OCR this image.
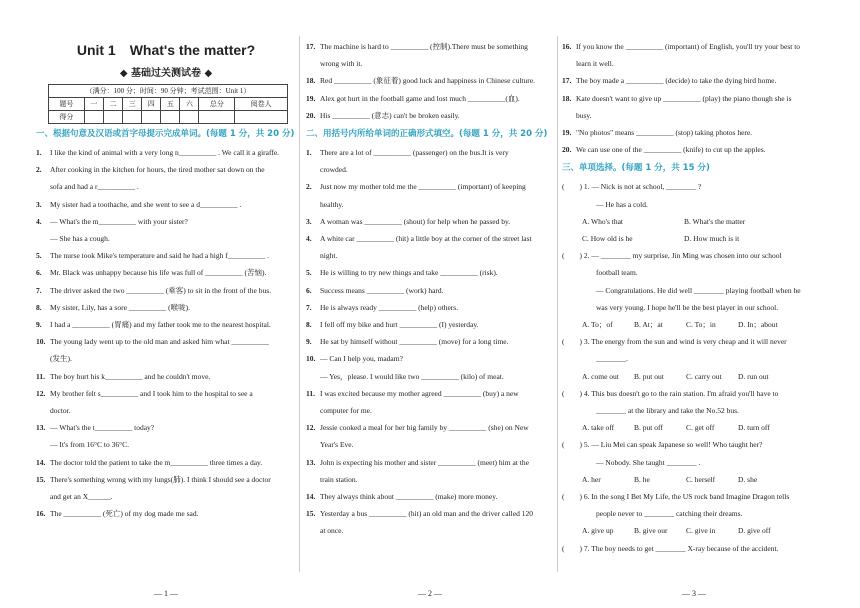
Unit 1　What's the matter?
◆ 基础过关测试卷 ◆
（满分：100 分；时间：90 分钟；考试范围：Unit 1）								
题号	一	二	三	四	五	六	总分	阅卷人
得分								
一、根据句意及汉语或首字母提示完成单词。(每题 1 分，共 20 分)
1.	I like the kind of animal with a very long n__________ . We call it a giraffe.
2.	After cooking in the kitchen for hours, the tired mother sat down on the
sofa and had a r__________ .
3.	My sister had a toothache, and she went to see a d__________ .
4.	— What's the m__________ with your sister?
— She has a cough.
5.	The nurse took Mike's temperature and said he had a high f__________ .
6.	Mr. Black was unhappy because his life was full of __________ (苦恼).
7.	The driver asked the two __________ (乘客) to sit in the front of the bus.
8.	My sister, Lily, has a sore __________ (喉咙).
9.	I had a __________ (胃痛) and my father took me to the nearest hospital.
10. The young lady went up to the old man and asked him what __________
(发生).
11. The boy hurt his k__________ and he couldn't move.
12. My brother felt s__________ and I took him to the hospital to see a
doctor.
13. — What's the t__________ today?
— It's from 16°C to 36°C.
14. The doctor told the patient to take the m__________ three times a day.
15. There's something wrong with my lungs(肺). I think I should see a doctor
and get an X______.
16. The __________ (死亡) of my dog made me sad.
— 1 —
17. The machine is hard to __________ (控制).There must be something
wrong with it.
18. Red __________ (象征着) good luck and happiness in Chinese culture.
19. Alex got hurt in the football game and lost much __________(血).
20. His __________ (意志) can't be broken easily.
二、用括号内所给单词的正确形式填空。(每题 1 分，共 20 分)
1.	There are a lot of __________ (passenger) on the bus.It is very
crowded.
2.	Just now my mother told me the __________ (important) of keeping
healthy.
3.	A woman was __________ (shout) for help when he passed by.
4.	A white car __________ (hit) a little boy at the corner of the street last
night.
5.	He is willing to try new things and take __________ (risk).
6.	Success means __________ (work) hard.
7.	He is always ready __________ (help) others.
8.	I fell off my bike and hurt __________ (I) yesterday.
9.	He sat by himself without __________ (move) for a long time.
10. — Can I help you, madam?
— Yes，please. I would like two __________ (kilo) of meat.
11. I was excited because my mother agreed __________ (buy) a new
computer for me.
12. Jessie cooked a meal for her big family by __________ (she) on New
Year's Eve.
13. John is expecting his mother and sister __________ (meet) him at the
train station.
14. They always think about __________ (make) more money.
15. Yesterday a bus __________ (hit) an old man and the driver called 120
at once.
— 2 —
16. If you know the __________ (important) of English, you'll try your best to
learn it well.
17. The boy made a __________ (decide) to take the dying bird home.
18. Kate doesn't want to give up __________ (play) the piano though she is
busy.
19. "No photos" means __________ (stop) taking photos here.
20. We can use one of the __________ (knife) to cut up the apples.
三、单项选择。(每题 1 分，共 15 分)
(　　) 1. — Nick is not at school, ________ ?
— He has a cold.
A. Who's that	B. What's the matter
C. How old is he	D. How much is it
(　　) 2. — ________ my surprise, Jin Ming was chosen into our school
football team.
— Congratulations. He did well ________ playing football when he
was very young. I hope he'll be the best player in our school.
A. To；of	B. At；at	C. To；in	D. In；about
(　　) 3. The energy from the sun and wind is very cheap and it will never
________.
A. come out	B. put out	C. carry out	D. run out
(　　) 4. This bus doesn't go to the rain station. I'm afraid you'll have to
________ at the library and take the No.52 bus.
A. take off	B. put off	C. get off	D. turn off
(　　) 5. — Liu Mei can speak Japanese so well! Who taught her?
— Nobody. She taught ________ .
A. her	B. he	C. herself	D. she
(　　) 6. In the song I Bet My Life, the US rock band Imagine Dragon tells
people never to ________ catching their dreams.
A. give up	B. give our	C. give in	D. give off
(　　) 7. The boy needs to get ________ X-ray because of the accident.
— 3 —
